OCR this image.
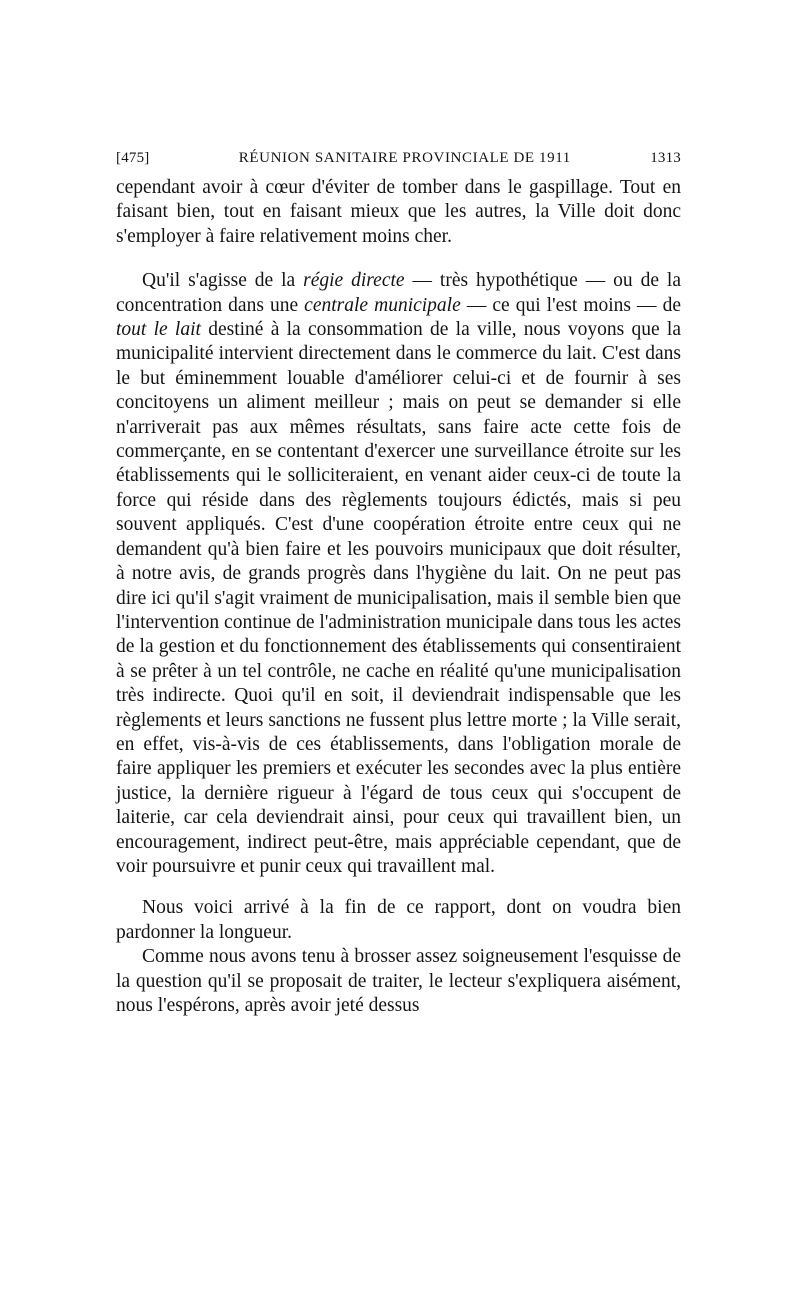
[475]	RÉUNION SANITAIRE PROVINCIALE DE 1911	1313

cependant avoir à cœur d'éviter de tomber dans le gaspillage. Tout en faisant bien, tout en faisant mieux que les autres, la Ville doit donc s'employer à faire relativement moins cher.

Qu'il s'agisse de la régie directe — très hypothétique — ou de la concentration dans une centrale municipale — ce qui l'est moins — de tout le lait destiné à la consommation de la ville, nous voyons que la municipalité intervient directement dans le commerce du lait. C'est dans le but éminemment louable d'améliorer celui-ci et de fournir à ses concitoyens un aliment meilleur ; mais on peut se demander si elle n'arriverait pas aux mêmes résultats, sans faire acte cette fois de commerçante, en se contentant d'exercer une surveillance étroite sur les établissements qui le solliciteraient, en venant aider ceux-ci de toute la force qui réside dans des règlements toujours édictés, mais si peu souvent appliqués. C'est d'une coopération étroite entre ceux qui ne demandent qu'à bien faire et les pouvoirs municipaux que doit résulter, à notre avis, de grands progrès dans l'hygiène du lait. On ne peut pas dire ici qu'il s'agit vraiment de municipalisation, mais il semble bien que l'intervention continue de l'administration municipale dans tous les actes de la gestion et du fonctionnement des établissements qui consentiraient à se prêter à un tel contrôle, ne cache en réalité qu'une municipalisation très indirecte. Quoi qu'il en soit, il deviendrait indispensable que les règlements et leurs sanctions ne fussent plus lettre morte ; la Ville serait, en effet, vis-à-vis de ces établissements, dans l'obligation morale de faire appliquer les premiers et exécuter les secondes avec la plus entière justice, la dernière rigueur à l'égard de tous ceux qui s'occupent de laiterie, car cela deviendrait ainsi, pour ceux qui travaillent bien, un encouragement, indirect peut-être, mais appréciable cependant, que de voir poursuivre et punir ceux qui travaillent mal.

Nous voici arrivé à la fin de ce rapport, dont on voudra bien pardonner la longueur.

Comme nous avons tenu à brosser assez soigneusement l'esquisse de la question qu'il se proposait de traiter, le lecteur s'expliquera aisément, nous l'espérons, après avoir jeté dessus
